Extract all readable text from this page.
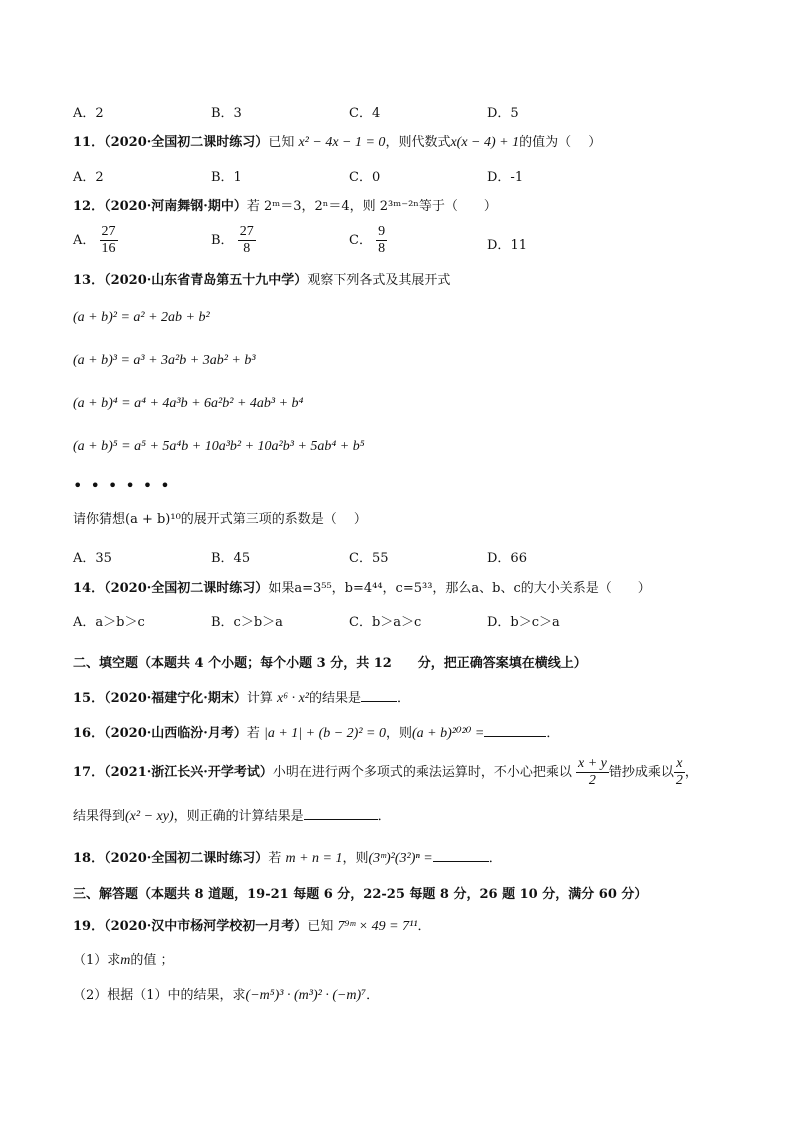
A．2	B．3	C．4	D．5
11．（2020·全国初二课时练习）已知 x² − 4x − 1 = 0，则代数式x(x − 4) + 1的值为（　 ）
A．2	B．1	C．0	D．-1
12．（2020·河南舞钢·期中）若 2ᵐ＝3，2ⁿ＝4，则 2³ᵐ⁻²ⁿ等于（　　）
A． $\frac{27}{16}$	B． $\frac{27}{8}$	C． $\frac{9}{8}$	D．11
13．（2020·山东省青岛第五十九中学）观察下列各式及其展开式
(a + b)² = a² + 2ab + b²
(a + b)³ = a³ + 3a²b + 3ab² + b³
(a + b)⁴ = a⁴ + 4a³b + 6a²b² + 4ab³ + b⁴
(a + b)⁵ = a⁵ + 5a⁴b + 10a³b² + 10a²b³ + 5ab⁴ + b⁵
••••••
请你猜想(a + b)¹⁰的展开式第三项的系数是（　 ）
A．35	B．45	C．55	D．66
14．（2020·全国初二课时练习）如果a=3⁵⁵，b=4⁴⁴，c=5³³，那么a、b、c的大小关系是（　　）
A．a＞b＞c	B．c＞b＞a	C．b＞a＞c	D．b＞c＞a
二、填空题（本题共 4 个小题；每个小题 3 分，共 12　　分，把正确答案填在横线上）
15．（2020·福建宁化·期末）计算 x⁶ · x²的结果是	．
16．（2020·山西临汾·月考）若 |a + 1| + (b − 2)² = 0，则(a + b)²⁰²⁰ =	．
17．（2021·浙江长兴·开学考试）小明在进行两个多项式的乘法运算时，不小心把乘以 $\frac{x + y}{2}$ 错抄成乘以 $\frac{x}{2}$ ，
结果得到(x² − xy)，则正确的计算结果是	．
18．（2020·全国初二课时练习）若 m + n = 1，则(3ᵐ)²(3²)ⁿ =	．
三、解答题（本题共 8 道题，19-21 每题 6 分，22-25 每题 8 分，26 题 10 分，满分 60 分）
19．（2020·汉中市杨河学校初一月考）已知 7⁹ᵐ × 49 = 7¹¹．
（1）求m的值 ；
（2）根据（1）中的结果，求(−m⁵)³ · (m³)² · (−m)⁷．
